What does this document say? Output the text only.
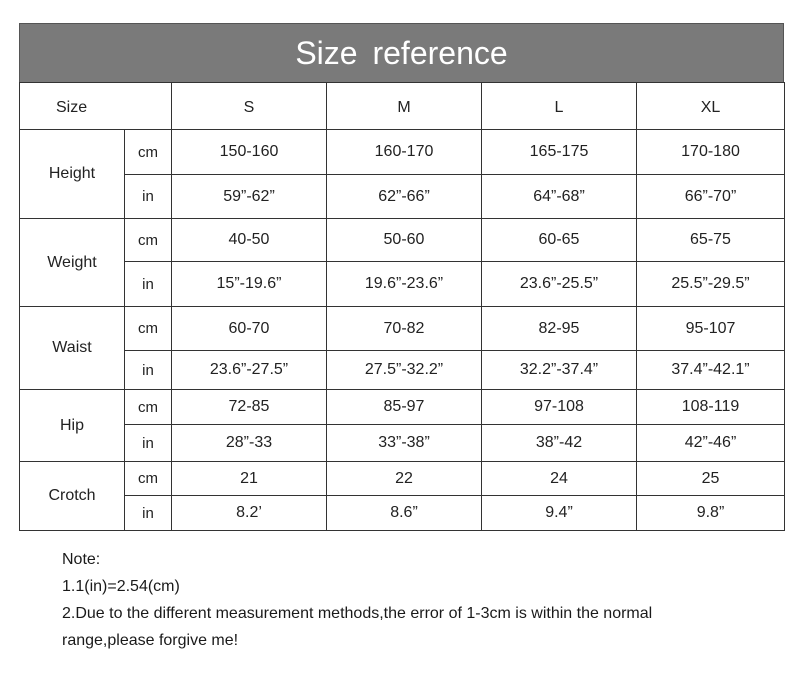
Size reference
Size		S	M	L	XL
Height	cm	150-160	160-170	165-175	170-180
	in	59”-62”	62”-66”	64”-68”	66”-70”
Weight	cm	40-50	50-60	60-65	65-75
	in	15”-19.6”	19.6”-23.6”	23.6”-25.5”	25.5”-29.5”
Waist	cm	60-70	70-82	82-95	95-107
	in	23.6”-27.5”	27.5”-32.2”	32.2”-37.4”	37.4”-42.1”
Hip	cm	72-85	85-97	97-108	108-119
	in	28”-33	33”-38”	38”-42	42”-46”
Crotch	cm	21	22	24	25
	in	8.2’	8.6”	9.4”	9.8”
Note:
1.1(in)=2.54(cm)
2.Due to the different measurement methods,the error of 1-3cm is within the normal
range,please forgive me!
